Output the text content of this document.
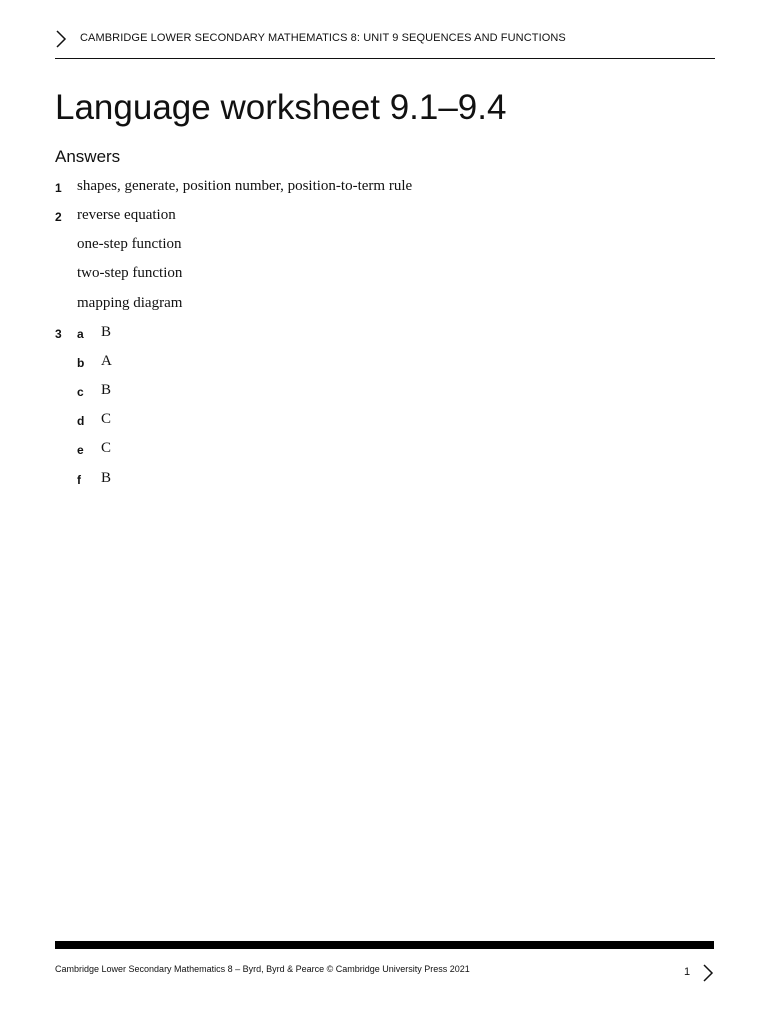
CAMBRIDGE LOWER SECONDARY MATHEMATICS 8: UNIT 9 SEQUENCES AND FUNCTIONS
Language worksheet 9.1–9.4
Answers
1 shapes, generate, position number, position-to-term rule
2 reverse equation
one-step function
two-step function
mapping diagram
3 a B
b A
c B
d C
e C
f B
Cambridge Lower Secondary Mathematics 8 – Byrd, Byrd & Pearce © Cambridge University Press 2021	1
